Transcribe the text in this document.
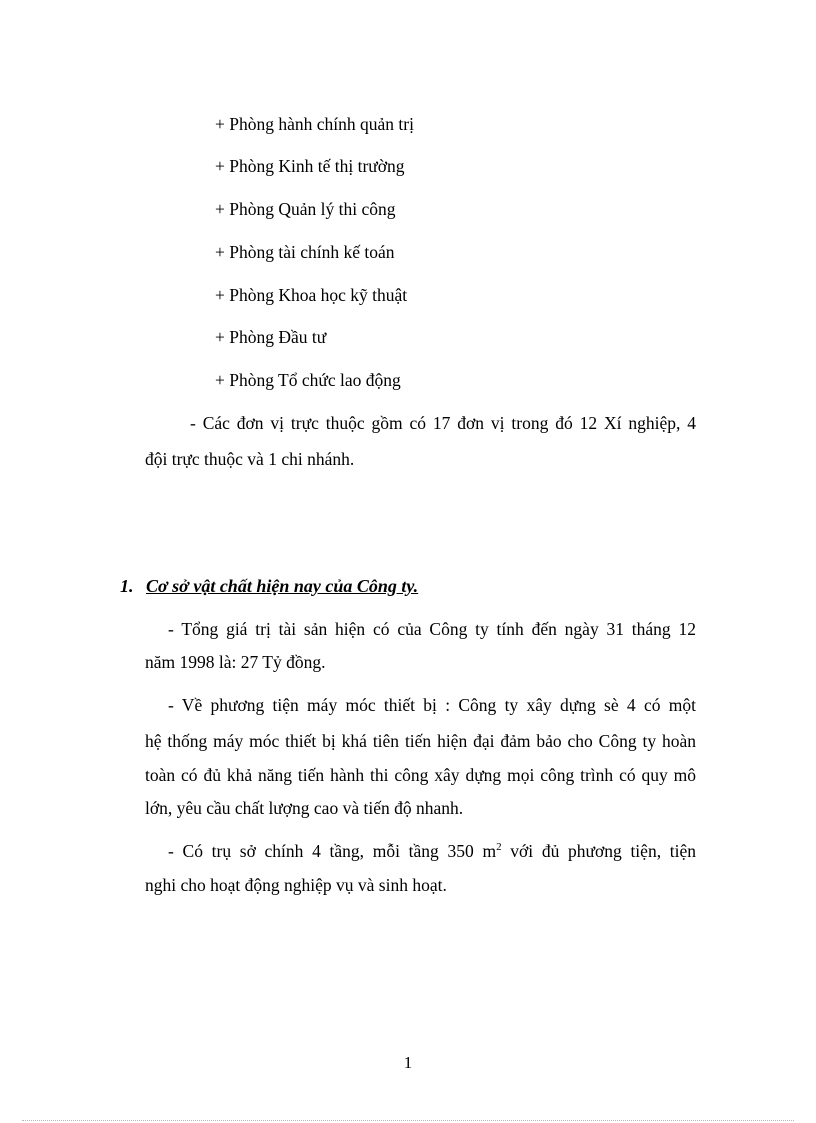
+ Phòng hành chính quản trị
+ Phòng Kinh tế thị trường
+ Phòng Quản lý thi công
+ Phòng tài chính kế toán
+ Phòng Khoa học kỹ thuật
+ Phòng Đầu tư
+ Phòng Tổ chức lao động
- Các đơn vị trực thuộc gồm có 17 đơn vị trong đó 12 Xí nghiệp, 4
đội trực thuộc và 1 chi nhánh.
1. Cơ sở vật chất hiện nay của Công ty.
- Tổng giá trị tài sản hiện có của Công ty tính đến ngày 31 tháng 12
năm 1998 là: 27 Tỷ đồng.
- Về phương tiện máy móc thiết bị : Công ty xây dựng sè 4 có một
hệ thống máy móc thiết bị khá tiên tiến hiện đại đảm bảo cho Công ty hoàn
toàn có đủ khả năng tiến hành thi công xây dựng mọi công trình có quy mô
lớn, yêu cầu chất lượng cao và tiến độ nhanh.
- Có trụ sở chính 4 tầng, mỗi tầng 350 $m^2$ với đủ phương tiện, tiện
nghi cho hoạt động nghiệp vụ và sinh hoạt.
1
